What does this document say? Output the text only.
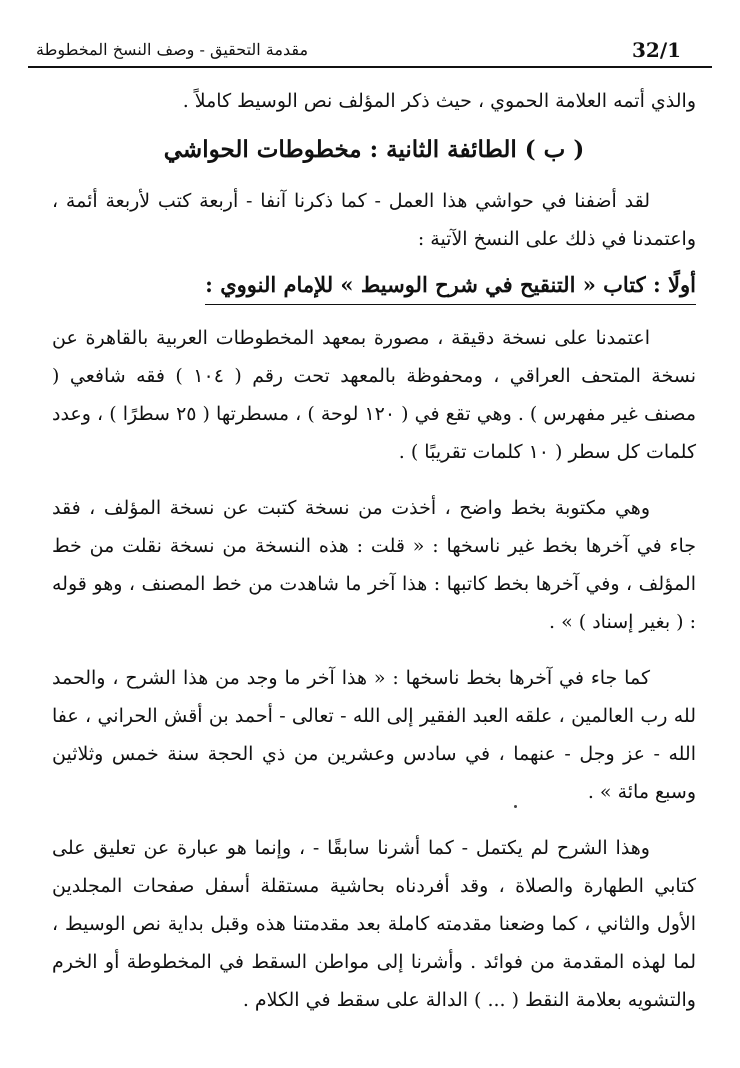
32/1
مقدمة التحقيق - وصف النسخ المخطوطة

والذي أتمه العلامة الحموي ، حيث ذكر المؤلف نص الوسيط كاملاً .

( ب ) الطائفة الثانية : مخطوطات الحواشي

لقد أضفنا في حواشي هذا العمل - كما ذكرنا آنفا - أربعة كتب لأربعة أئمة ، واعتمدنا في ذلك على النسخ الآتية :

أولًا : كتاب « التنقيح في شرح الوسيط » للإمام النووي :

اعتمدنا على نسخة دقيقة ، مصورة بمعهد المخطوطات العربية بالقاهرة عن نسخة المتحف العراقي ، ومحفوظة بالمعهد تحت رقم ( ١٠٤ ) فقه شافعي ( مصنف غير مفهرس ) . وهي تقع في ( ١٢٠ لوحة ) ، مسطرتها ( ٢٥ سطرًا ) ، وعدد كلمات كل سطر ( ١٠ كلمات تقريبًا ) .

وهي مكتوبة بخط واضح ، أخذت من نسخة كتبت عن نسخة المؤلف ، فقد جاء في آخرها بخط غير ناسخها : « قلت : هذه النسخة من نسخة نقلت من خط المؤلف ، وفي آخرها بخط كاتبها : هذا آخر ما شاهدت من خط المصنف ، وهو قوله : ( بغير إسناد ) » .

كما جاء في آخرها بخط ناسخها : « هذا آخر ما وجد من هذا الشرح ، والحمد لله رب العالمين ، علقه العبد الفقير إلى الله - تعالى - أحمد بن أقش الحراني ، عفا الله - عز وجل - عنهما ، في سادس وعشرين من ذي الحجة سنة خمس وثلاثين وسبع مائة » .

وهذا الشرح لم يكتمل - كما أشرنا سابقًا - ، وإنما هو عبارة عن تعليق على كتابي الطهارة والصلاة ، وقد أفردناه بحاشية مستقلة أسفل صفحات المجلدين الأول والثاني ، كما وضعنا مقدمته كاملة بعد مقدمتنا هذه وقبل بداية نص الوسيط ، لما لهذه المقدمة من فوائد . وأشرنا إلى مواطن السقط في المخطوطة أو الخرم والتشويه بعلامة النقط ( ... ) الدالة على سقط في الكلام .
